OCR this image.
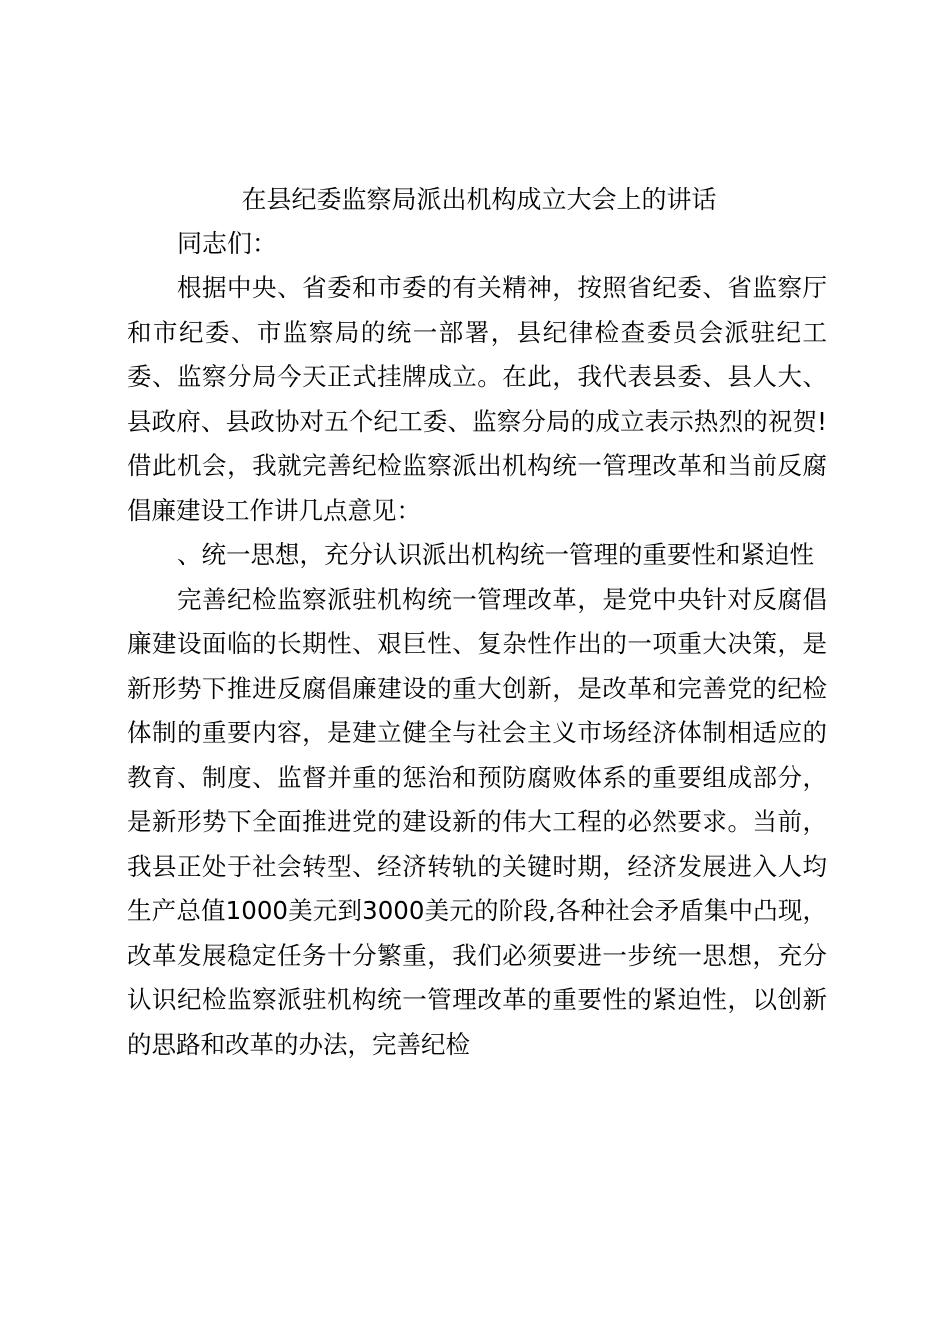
在县纪委监察局派出机构成立大会上的讲话

同志们：

根据中央、省委和市委的有关精神，按照省纪委、省监察厅和市纪委、市监察局的统一部署，县纪律检查委员会派驻纪工委、监察分局今天正式挂牌成立。在此，我代表县委、县人大、县政府、县政协对五个纪工委、监察分局的成立表示热烈的祝贺!借此机会，我就完善纪检监察派出机构统一管理改革和当前反腐倡廉建设工作讲几点意见：

、统一思想，充分认识派出机构统一管理的重要性和紧迫性

完善纪检监察派驻机构统一管理改革，是党中央针对反腐倡廉建设面临的长期性、艰巨性、复杂性作出的一项重大决策，是新形势下推进反腐倡廉建设的重大创新，是改革和完善党的纪检体制的重要内容，是建立健全与社会主义市场经济体制相适应的教育、制度、监督并重的惩治和预防腐败体系的重要组成部分，是新形势下全面推进党的建设新的伟大工程的必然要求。当前，我县正处于社会转型、经济转轨的关键时期，经济发展进入人均生产总值1000美元到3000美元的阶段,各种社会矛盾集中凸现，改革发展稳定任务十分繁重，我们必须要进一步统一思想，充分认识纪检监察派驻机构统一管理改革的重要性的紧迫性，以创新的思路和改革的办法，完善纪检
